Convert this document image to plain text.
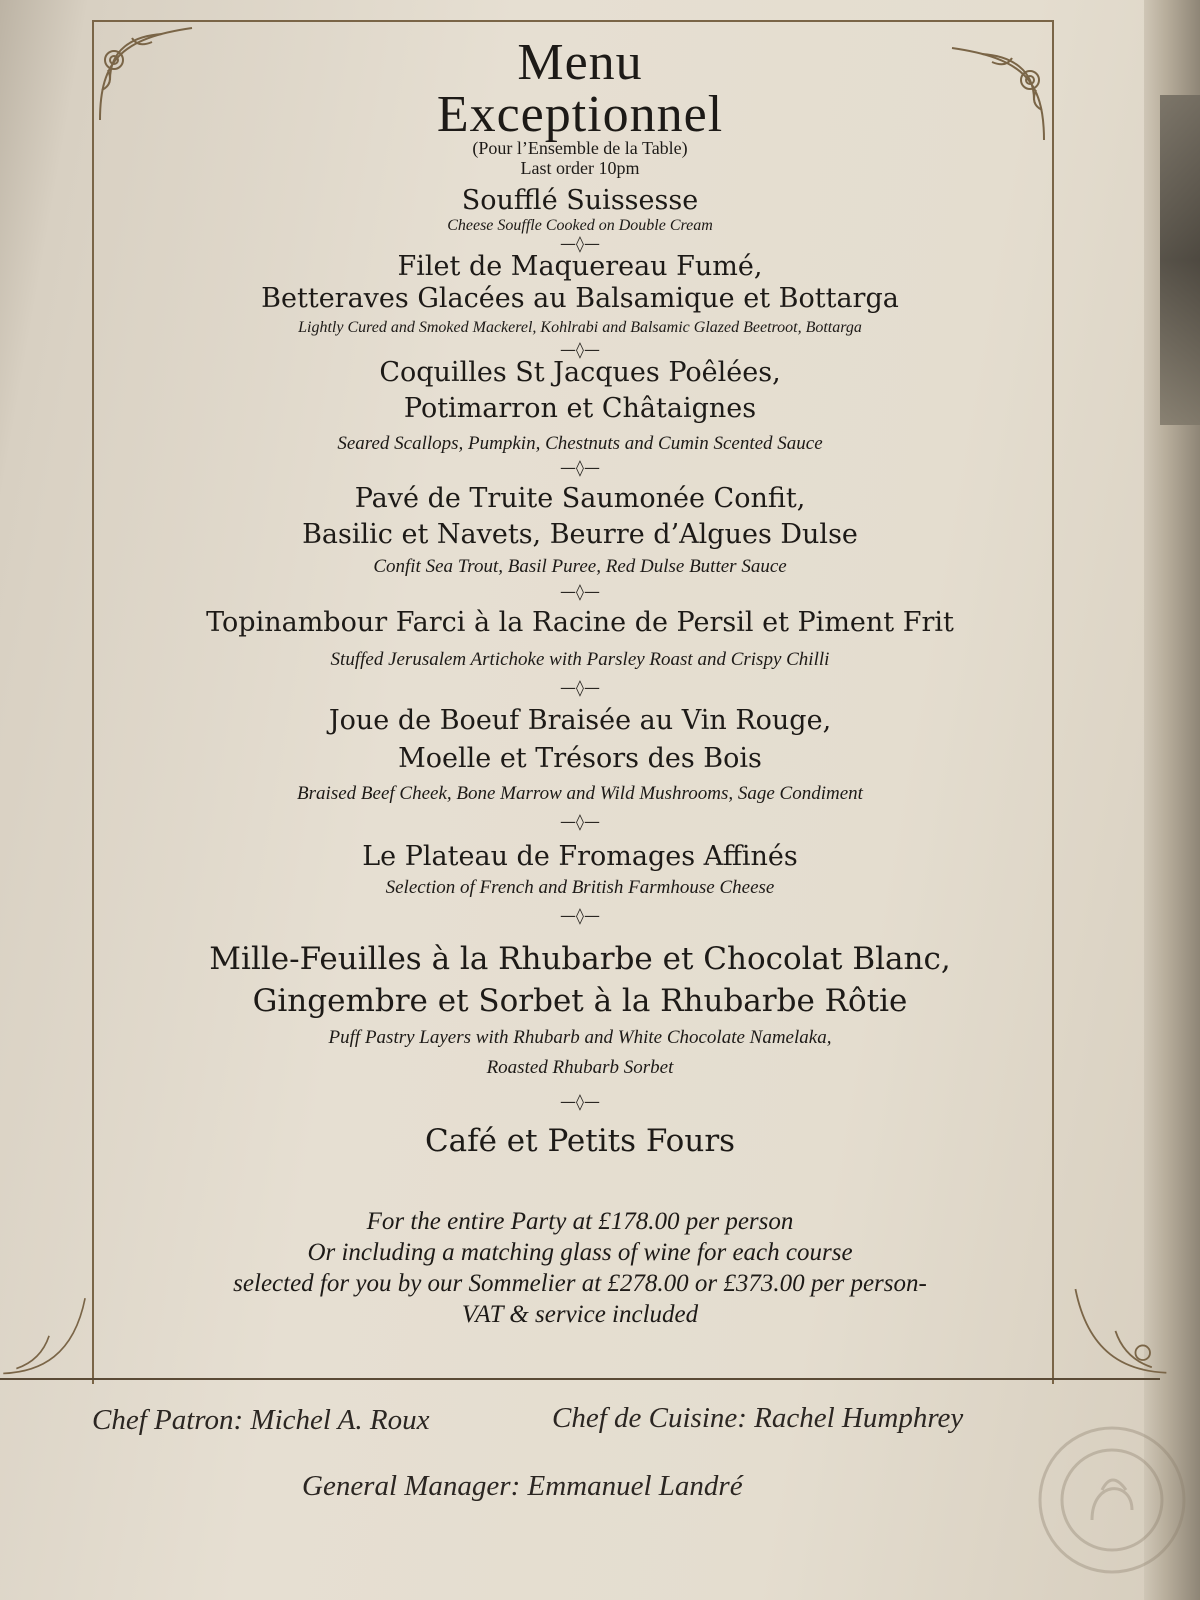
Menu
Exceptionnel
(Pour l’Ensemble de la Table)
Last order 10pm
Soufflé Suissesse
Cheese Souffle Cooked on Double Cream
—◊—
Filet de Maquereau Fumé,
Betteraves Glacées au Balsamique et Bottarga
Lightly Cured and Smoked Mackerel, Kohlrabi and Balsamic Glazed Beetroot, Bottarga
—◊—
Coquilles St Jacques Poêlées,
Potimarron et Châtaignes
Seared Scallops, Pumpkin, Chestnuts and Cumin Scented Sauce
—◊—
Pavé de Truite Saumonée Confit,
Basilic et Navets, Beurre d’Algues Dulse
Confit Sea Trout, Basil Puree, Red Dulse Butter Sauce
—◊—
Topinambour Farci à la Racine de Persil et Piment Frit
Stuffed Jerusalem Artichoke with Parsley Roast and Crispy Chilli
—◊—
Joue de Boeuf Braisée au Vin Rouge,
Moelle et Trésors des Bois
Braised Beef Cheek, Bone Marrow and Wild Mushrooms, Sage Condiment
—◊—
Le Plateau de Fromages Affinés
Selection of French and British Farmhouse Cheese
—◊—
Mille-Feuilles à la Rhubarbe et Chocolat Blanc,
Gingembre et Sorbet à la Rhubarbe Rôtie
Puff Pastry Layers with Rhubarb and White Chocolate Namelaka,
Roasted Rhubarb Sorbet
—◊—
Café et Petits Fours
For the entire Party at £178.00 per person
Or including a matching glass of wine for each course
selected for you by our Sommelier at £278.00 or £373.00 per person-
VAT & service included
Chef Patron: Michel A. Roux	Chef de Cuisine: Rachel Humphrey
General Manager: Emmanuel Landré
